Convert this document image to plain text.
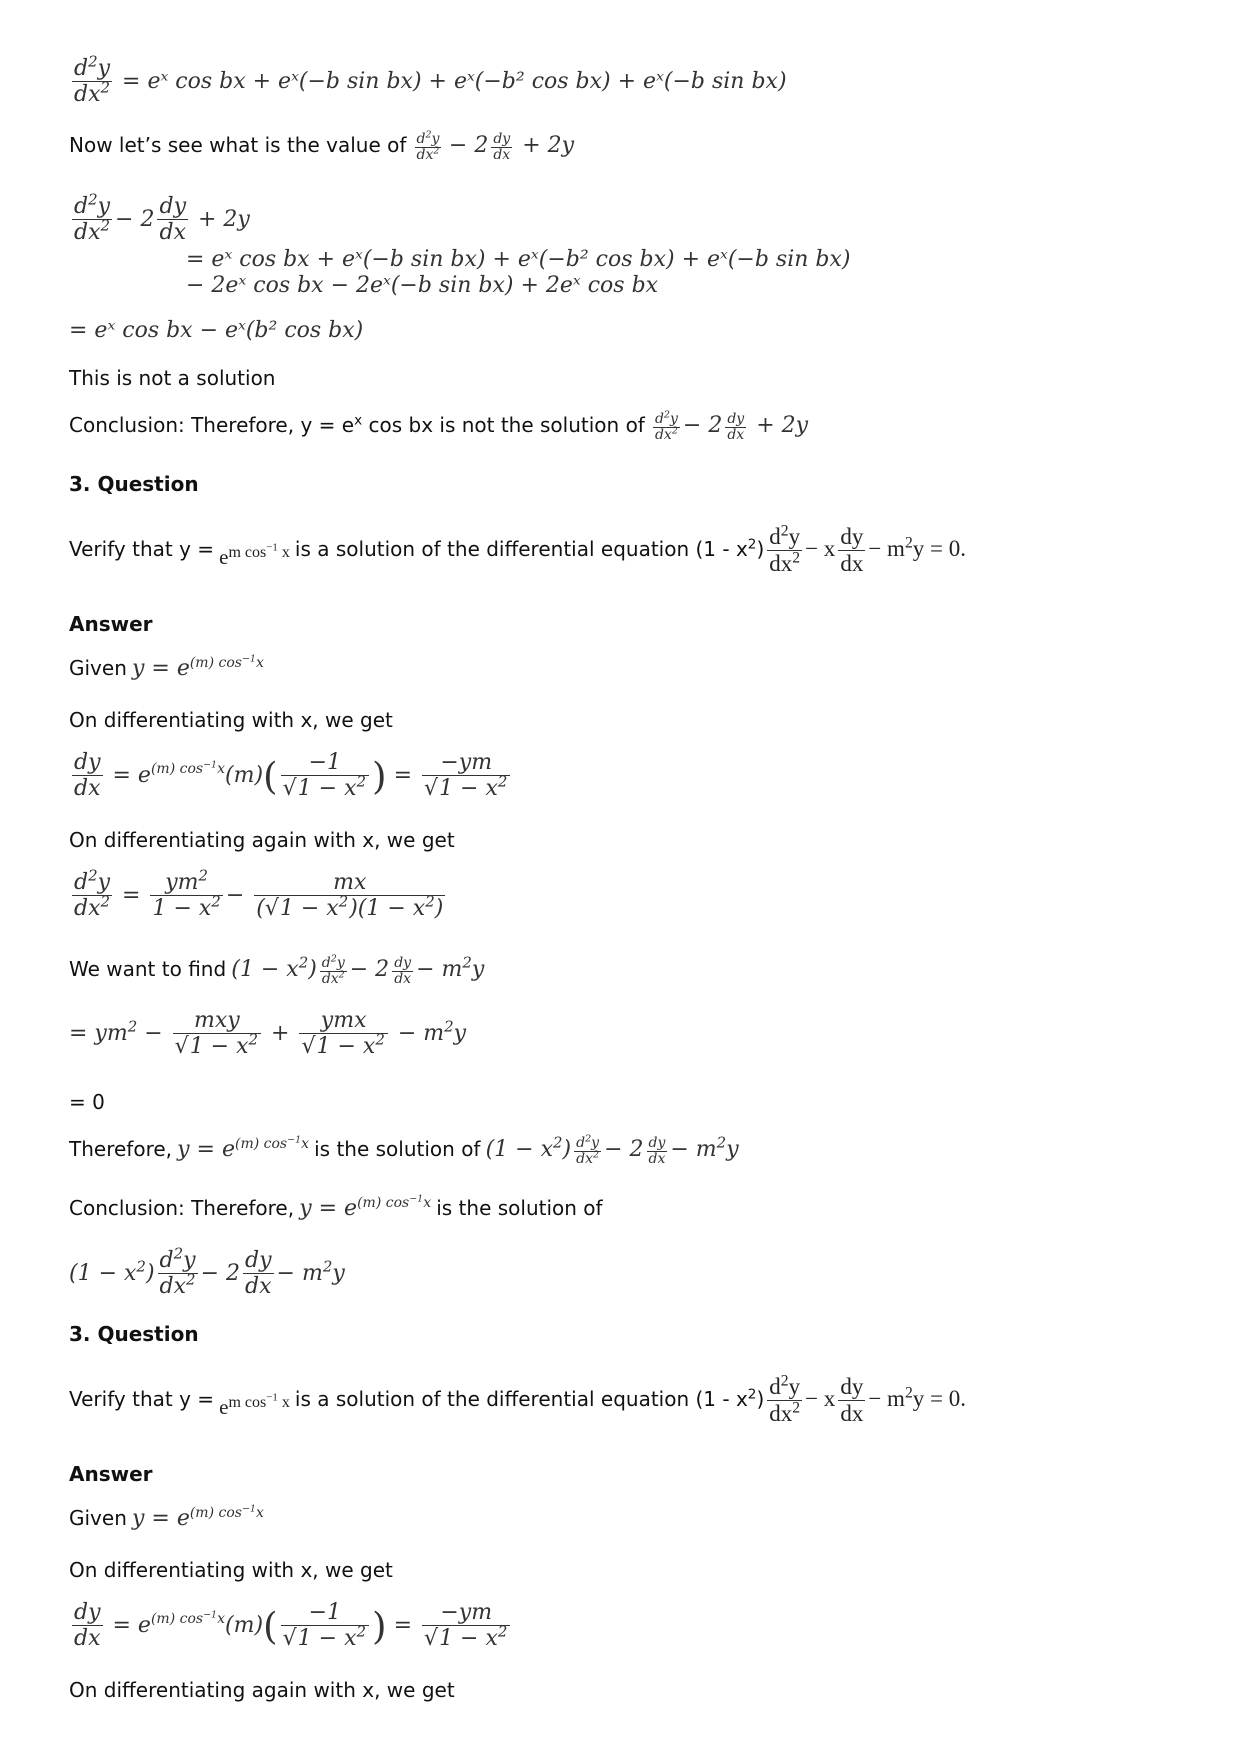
$\frac{d^2y}{dx^2}$ = eˣ cos bx + eˣ(−b sin bx) + eˣ(−b² cos bx) + eˣ(−b sin bx)
Now let’s see what is the value of $\frac{d^2y}{dx^2} - 2 \frac{dy}{dx} + 2y$
$\frac{d^2y}{dx^2} - 2 \frac{dy}{dx} + 2y$
= eˣ cos bx + eˣ(−b sin bx) + eˣ(−b² cos bx) + eˣ(−b sin bx)
− 2eˣ cos bx − 2eˣ(−b sin bx) + 2eˣ cos bx
= eˣ cos bx − eˣ(b² cos bx)
This is not a solution
Conclusion: Therefore, $y = e^x$ cos bx is not the solution of $\frac{d^2y}{dx^2} - 2 \frac{dy}{dx} + 2y$
3. Question
Verify that $y = e^{m cos^{-1} x}$ is a solution of the differential equation $(1 - x^2) \frac{d^2y}{dx^2} - x \frac{dy}{dx} - m^2y = 0$.
Answer
Given $y = e^{(m) cos^{-1}x}$
On differentiating with x, we get
$\frac{dy}{dx} = e^{(m) cos^{-1}x}(m)( \frac{-1}{√1 - x^2}$ ) = $\frac{-ym}{√1 - x^2}$
On differentiating again with x, we get
$\frac{d^2y}{dx^2} = \frac{ym^2}{1 - x^2} - \frac{mx}{(√1 - x^2)(1 - x^2)}$
We want to find $(1 - x^2) \frac{d^2y}{dx^2} - 2 \frac{dy}{dx} - m^2y$
= $ym^2 - \frac{\text{mxy}}{√1 - x^2} + \frac{\text{ymx}}{√1 - x^2} - m^2y$
= 0
Therefore, $y = e^{(m) cos^{-1}x}$ is the solution of $(1 - x^2) \frac{d^2y}{dx^2} - 2 \frac{dy}{dx} - m^2y$
Conclusion: Therefore, $y = e^{(m) cos^{-1}x}$ is the solution of
$(1 - x^2) \frac{d^2y}{dx^2} - 2 \frac{dy}{dx} - m^2y$
3. Question
Verify that $y = e^{m cos^{-1} x}$ is a solution of the differential equation $(1 - x^2) \frac{d^2y}{dx^2} - x \frac{dy}{dx} - m^2y = 0$.
Answer
Given $y = e^{(m) cos^{-1}x}$
On differentiating with x, we get
$\frac{dy}{dx} = e^{(m) cos^{-1}x}(m)( \frac{-1}{√1 - x^2}$ ) = $\frac{-ym}{√1 - x^2}$
On differentiating again with x, we get
